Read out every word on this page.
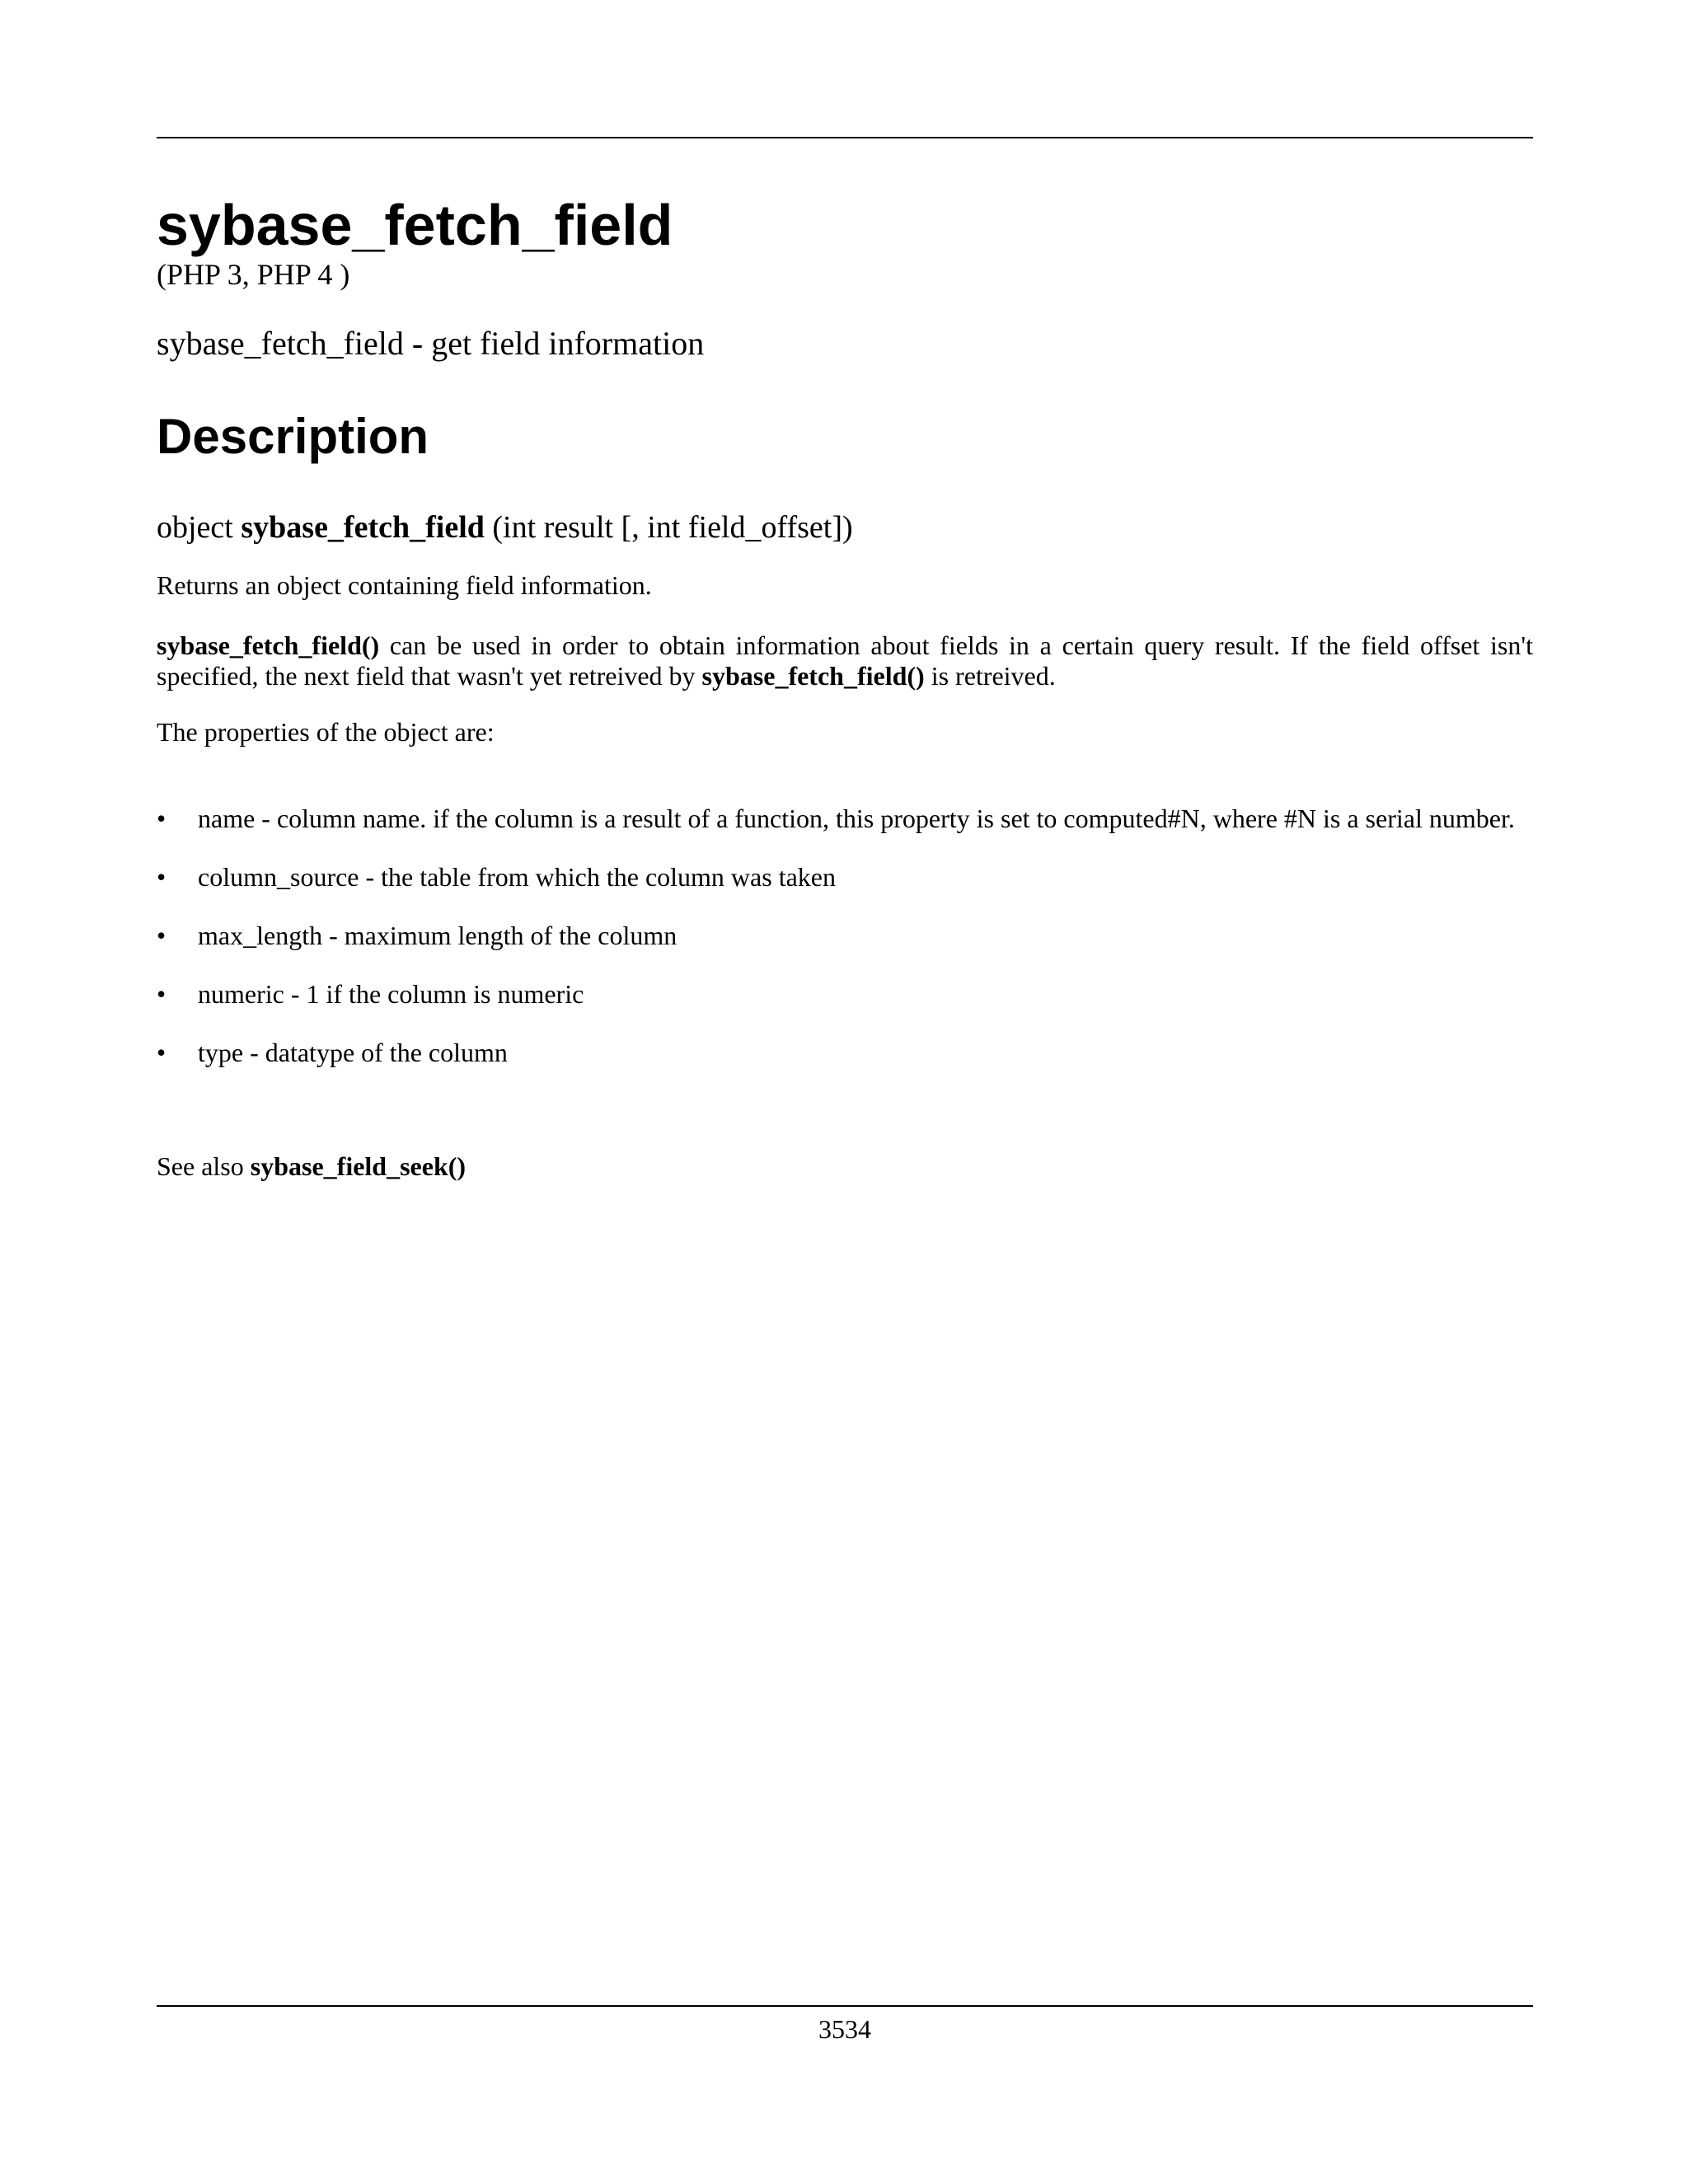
sybase_fetch_field
(PHP 3, PHP 4 )
sybase_fetch_field - get field information
Description
object sybase_fetch_field (int result [, int field_offset])

Returns an object containing field information.

sybase_fetch_field() can be used in order to obtain information about fields in a certain query result. If the field offset isn't specified, the next field that wasn't yet retreived by sybase_fetch_field() is retreived.

The properties of the object are:

• name - column name. if the column is a result of a function, this property is set to computed#N, where #N is a serial number.
• column_source - the table from which the column was taken
• max_length - maximum length of the column
• numeric - 1 if the column is numeric
• type - datatype of the column

See also sybase_field_seek()

3534
